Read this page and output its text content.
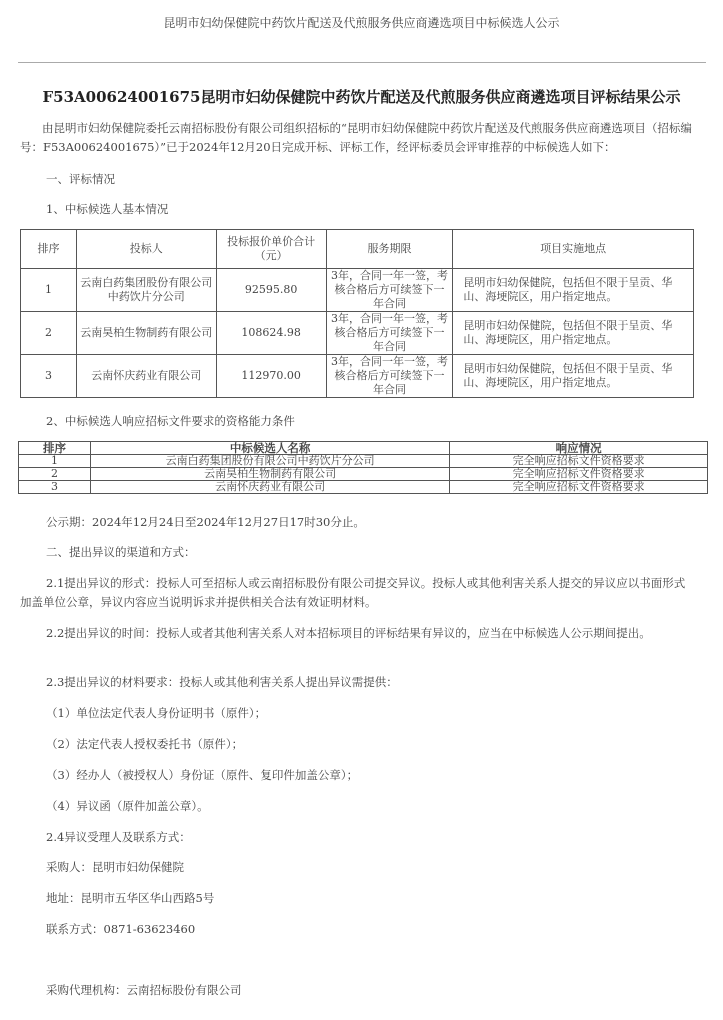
昆明市妇幼保健院中药饮片配送及代煎服务供应商遴选项目中标候选人公示
F53A00624001675昆明市妇幼保健院中药饮片配送及代煎服务供应商遴选项目评标结果公示
由昆明市妇幼保健院委托云南招标股份有限公司组织招标的“昆明市妇幼保健院中药饮片配送及代煎服务供应商遴选项目（招标编号：F53A00624001675）”已于2024年12月20日完成开标、评标工作，经评标委员会评审推荐的中标候选人如下：
一、评标情况
1、中标候选人基本情况
排序	投标人	投标报价单价合计（元）	服务期限	项目实施地点
1	云南白药集团股份有限公司中药饮片分公司	92595.80	3年，合同一年一签，考核合格后方可续签下一年合同	昆明市妇幼保健院，包括但不限于呈贡、华山、海埂院区，用户指定地点。
2	云南昊柏生物制药有限公司	108624.98	3年，合同一年一签，考核合格后方可续签下一年合同	昆明市妇幼保健院，包括但不限于呈贡、华山、海埂院区，用户指定地点。
3	云南怀庆药业有限公司	112970.00	3年，合同一年一签，考核合格后方可续签下一年合同	昆明市妇幼保健院，包括但不限于呈贡、华山、海埂院区，用户指定地点。
2、中标候选人响应招标文件要求的资格能力条件
排序	中标候选人名称	响应情况
1	云南白药集团股份有限公司中药饮片分公司	完全响应招标文件资格要求
2	云南昊柏生物制药有限公司	完全响应招标文件资格要求
3	云南怀庆药业有限公司	完全响应招标文件资格要求
公示期：2024年12月24日至2024年12月27日17时30分止。
二、提出异议的渠道和方式：
2.1提出异议的形式：投标人可至招标人或云南招标股份有限公司提交异议。投标人或其他利害关系人提交的异议应以书面形式加盖单位公章，异议内容应当说明诉求并提供相关合法有效证明材料。
2.2提出异议的时间：投标人或者其他利害关系人对本招标项目的评标结果有异议的，应当在中标候选人公示期间提出。
2.3提出异议的材料要求：投标人或其他利害关系人提出异议需提供：
（1）单位法定代表人身份证明书（原件）；
（2）法定代表人授权委托书（原件）；
（3）经办人（被授权人）身份证（原件、复印件加盖公章）；
（4）异议函（原件加盖公章）。
2.4异议受理人及联系方式：
采购人：昆明市妇幼保健院
地址：昆明市五华区华山西路5号
联系方式：0871-63623460
采购代理机构：云南招标股份有限公司
